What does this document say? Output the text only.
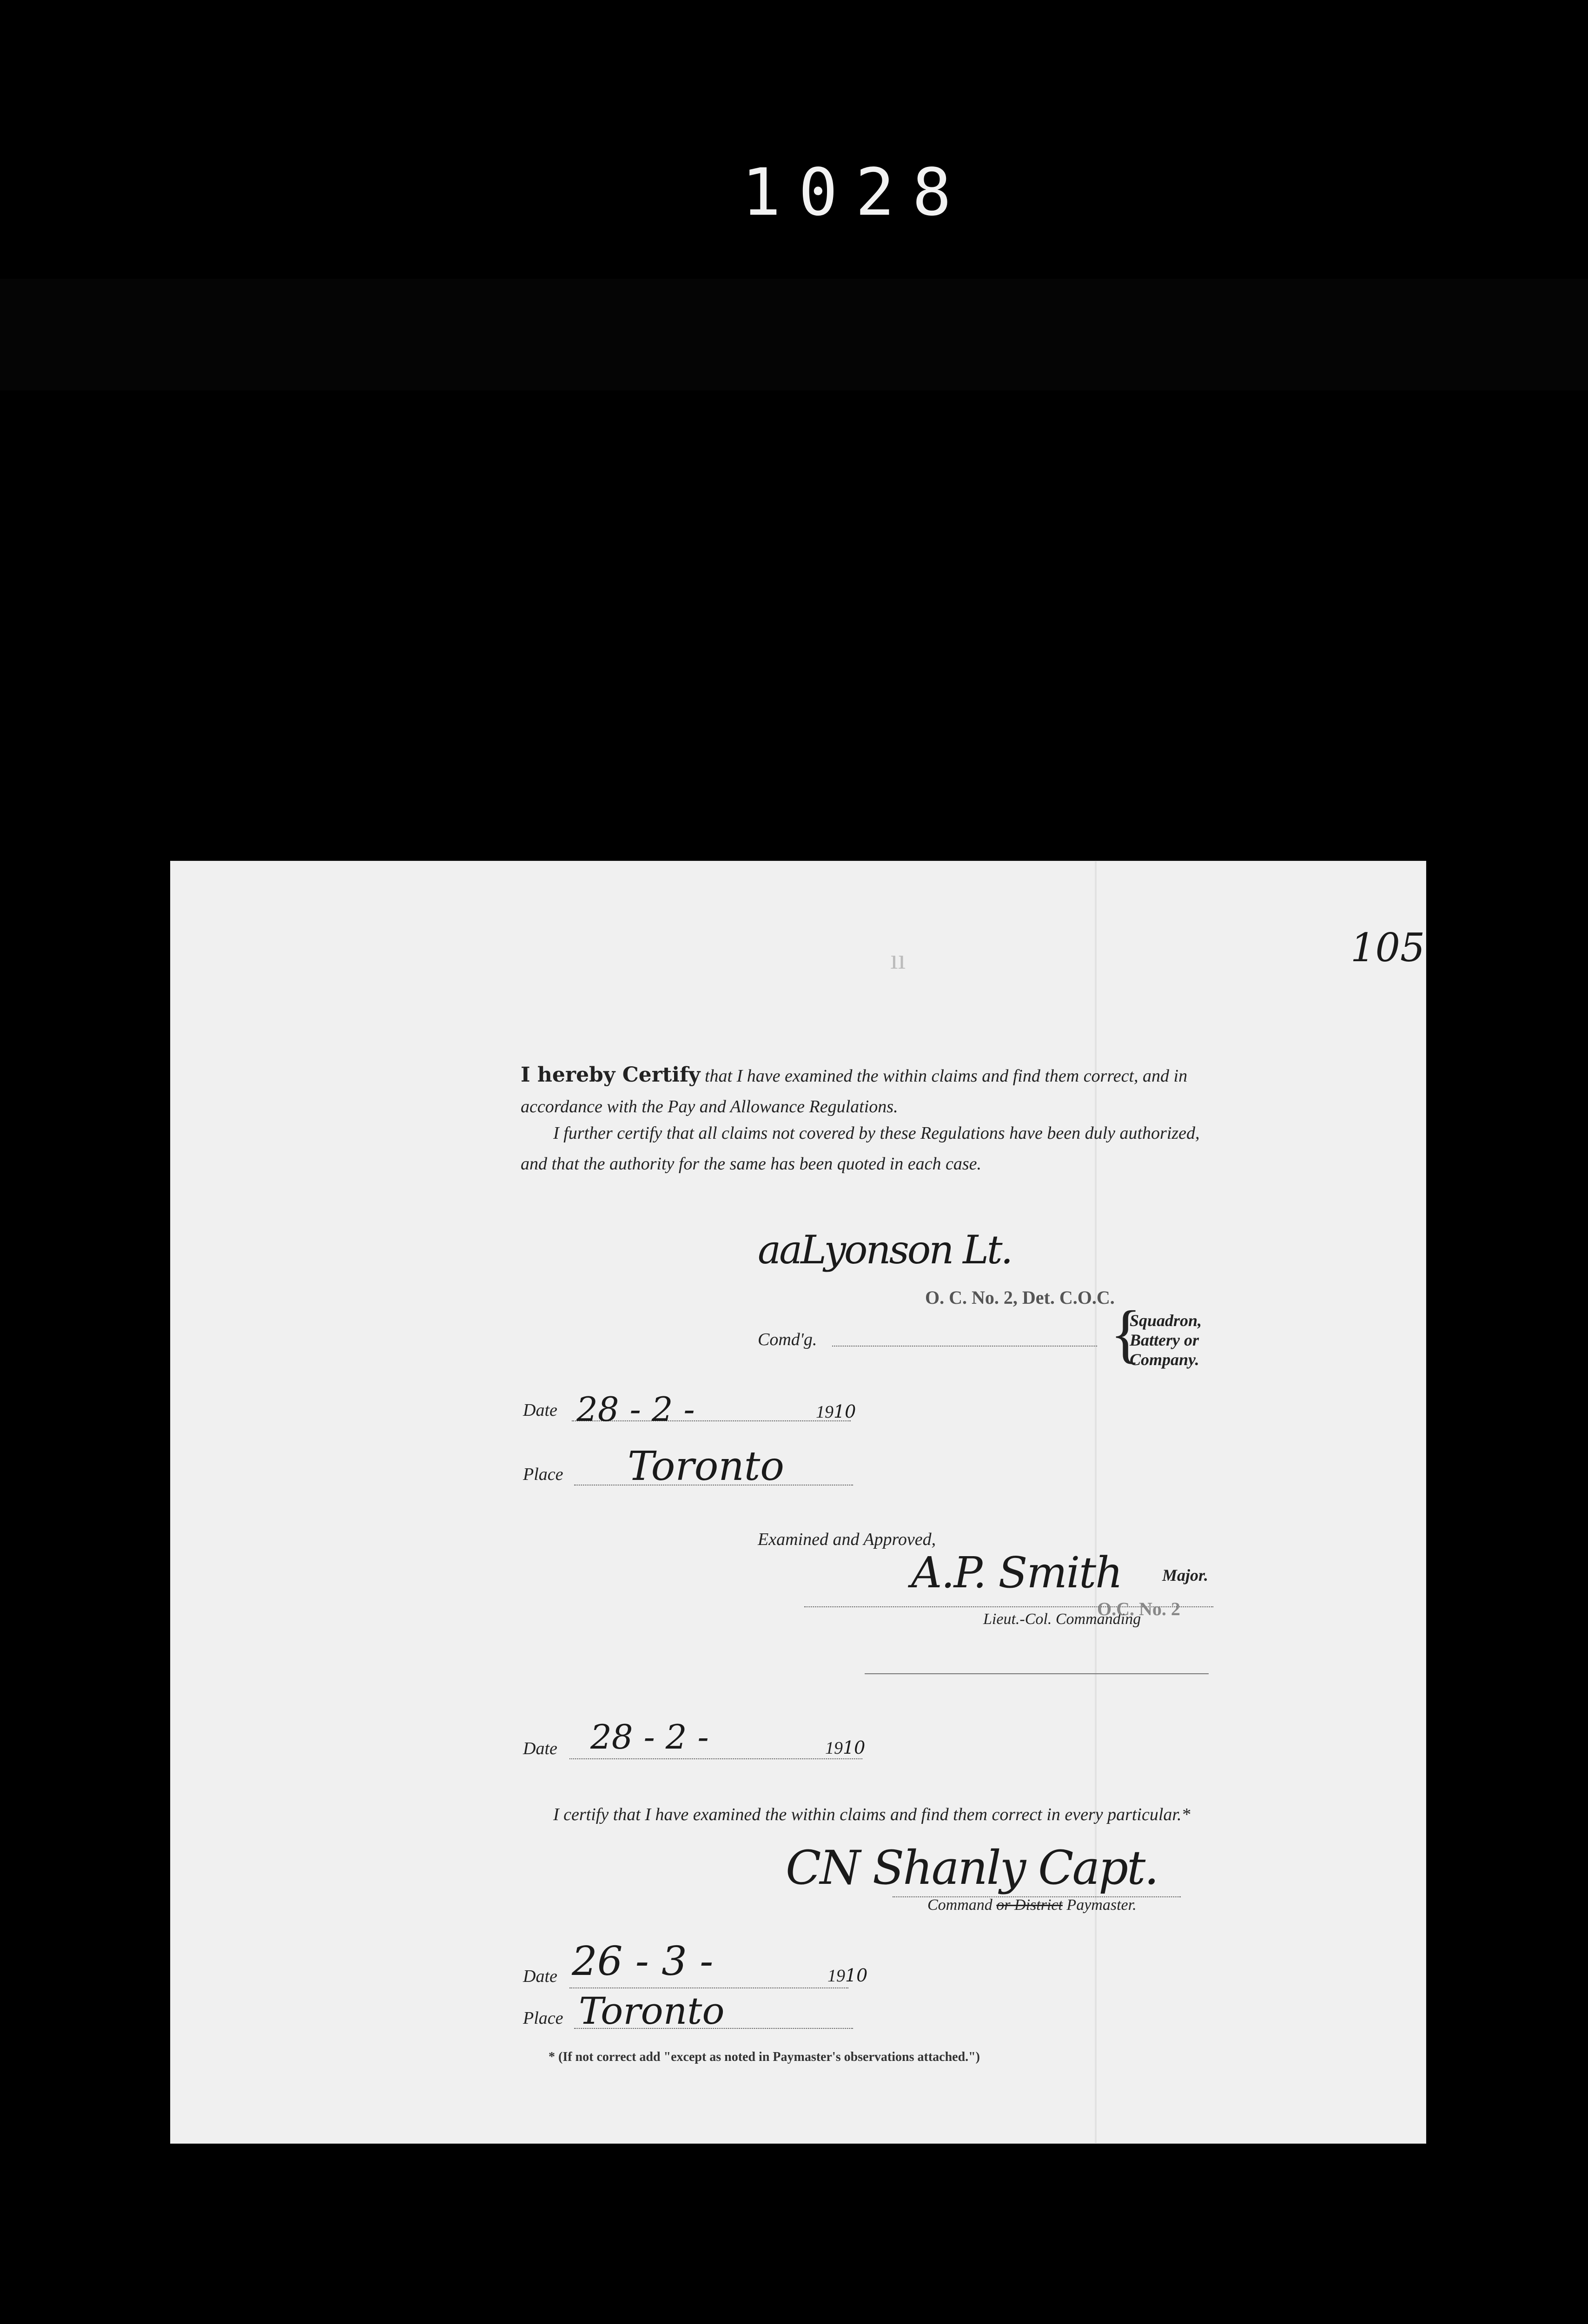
1028
105
ıı
I hereby Certify that I have examined the within claims and find them correct, and in accordance with the Pay and Allowance Regulations.
I further certify that all claims not covered by these Regulations have been duly authorized, and that the authority for the same has been quoted in each case.
aaLyonson Lt.
O. C. No. 2, Det. C.O.C.
Comd'g.	{
Squadron,
Battery or
Company.
Date 28 - 2 -	1910
Place Toronto
Examined and Approved,
A.P. Smith Major.
Lieut.-Col. Commanding
O.C. No. 2
Date 28 - 2 -	1910
I certify that I have examined the within claims and find them correct in every particular.*
CN Shanly Capt.
Command or District Paymaster.
Date 26 - 3 -	1910
Place Toronto
* (If not correct add "except as noted in Paymaster's observations attached.")
